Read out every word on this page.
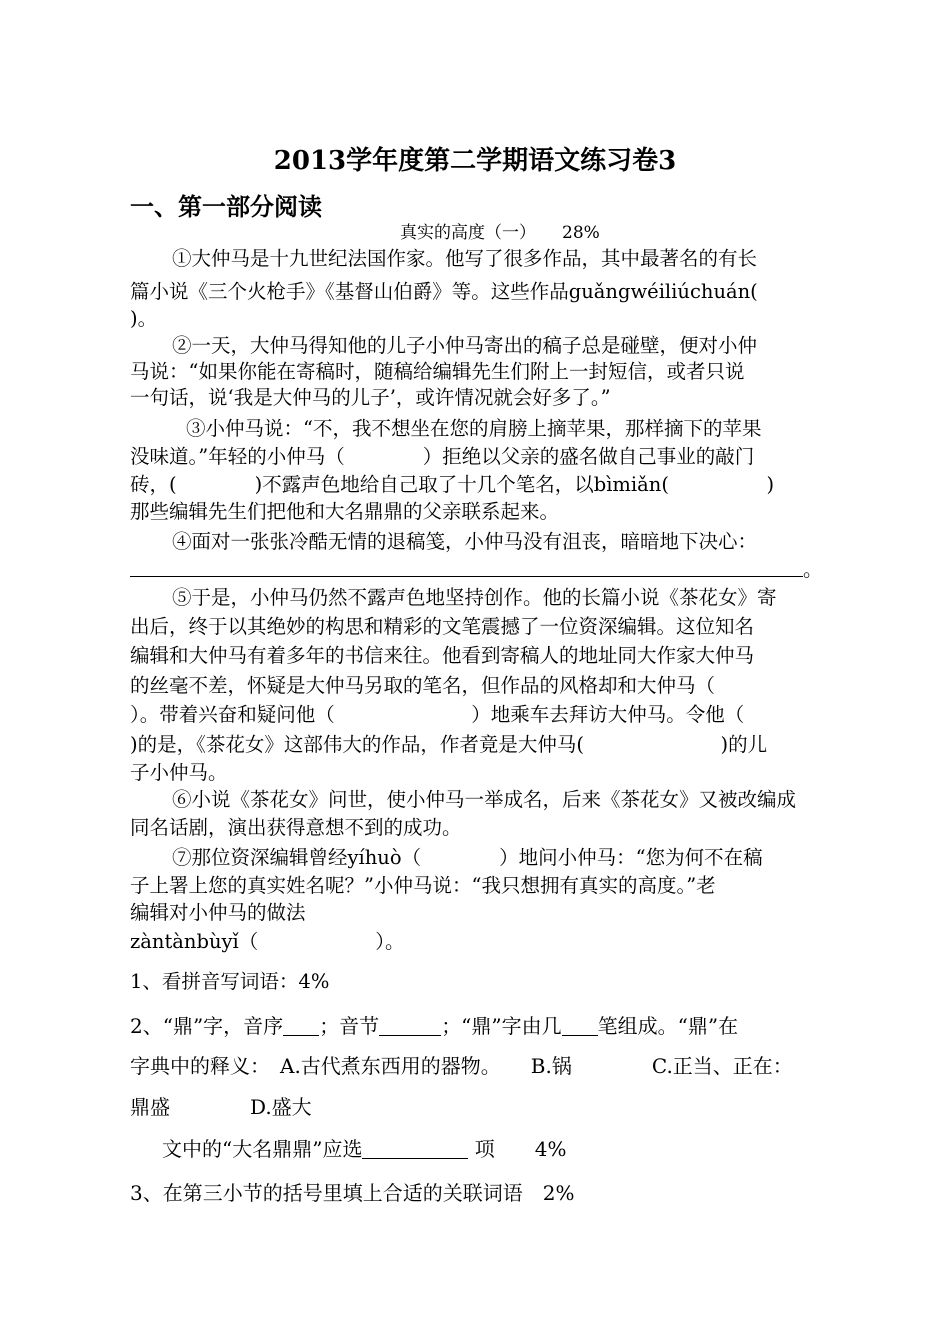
2013学年度第二学期语文练习卷3
一、第一部分阅读
真实的高度（一） 28%
①大仲马是十九世纪法国作家。他写了很多作品，其中最著名的有长
篇小说《三个火枪手》《基督山伯爵》等。这些作品guǎngwéiliúchuán(
)。
②一天，大仲马得知他的儿子小仲马寄出的稿子总是碰壁，便对小仲
马说：“如果你能在寄稿时，随稿给编辑先生们附上一封短信，或者只说
一句话，说‘我是大仲马的儿子’，或许情况就会好多了。”
③小仲马说：“不，我不想坐在您的肩膀上摘苹果，那样摘下的苹果
没味道。”年轻的小仲马（　　　　）拒绝以父亲的盛名做自己事业的敲门
砖，(　　　　)不露声色地给自己取了十几个笔名，以bìmiǎn(　　　　　)
那些编辑先生们把他和大名鼎鼎的父亲联系起来。
④面对一张张冷酷无情的退稿笺，小仲马没有沮丧，暗暗地下决心：
。
⑤于是，小仲马仍然不露声色地坚持创作。他的长篇小说《茶花女》寄
出后，终于以其绝妙的构思和精彩的文笔震撼了一位资深编辑。这位知名
编辑和大仲马有着多年的书信来往。他看到寄稿人的地址同大作家大仲马
的丝毫不差，怀疑是大仲马另取的笔名，但作品的风格却和大仲马（
）。带着兴奋和疑问他（　　　　　　　）地乘车去拜访大仲马。令他（
)的是，《茶花女》这部伟大的作品，作者竟是大仲马(　　　　　　　)的儿
子小仲马。
⑥小说《茶花女》问世，使小仲马一举成名，后来《茶花女》又被改编成
同名话剧，演出获得意想不到的成功。
⑦那位资深编辑曾经yíhuò（　　　　）地问小仲马：“您为何不在稿
子上署上您的真实姓名呢？”小仲马说：“我只想拥有真实的高度。”老
编辑对小仲马的做法
zàntànbùyǐ（　　　　　　）。
1、看拼音写词语：4%
2、“鼎”字，音序 ；音节	；“鼎”字由几 笔组成。“鼎”在
字典中的释义：　A.古代煮东西用的器物。　　B.锅　　　　C.正当、正在：
鼎盛　　　　D.盛大
文中的“大名鼎鼎”应选	项　　4%
3、在第三小节的括号里填上合适的关联词语　2%
